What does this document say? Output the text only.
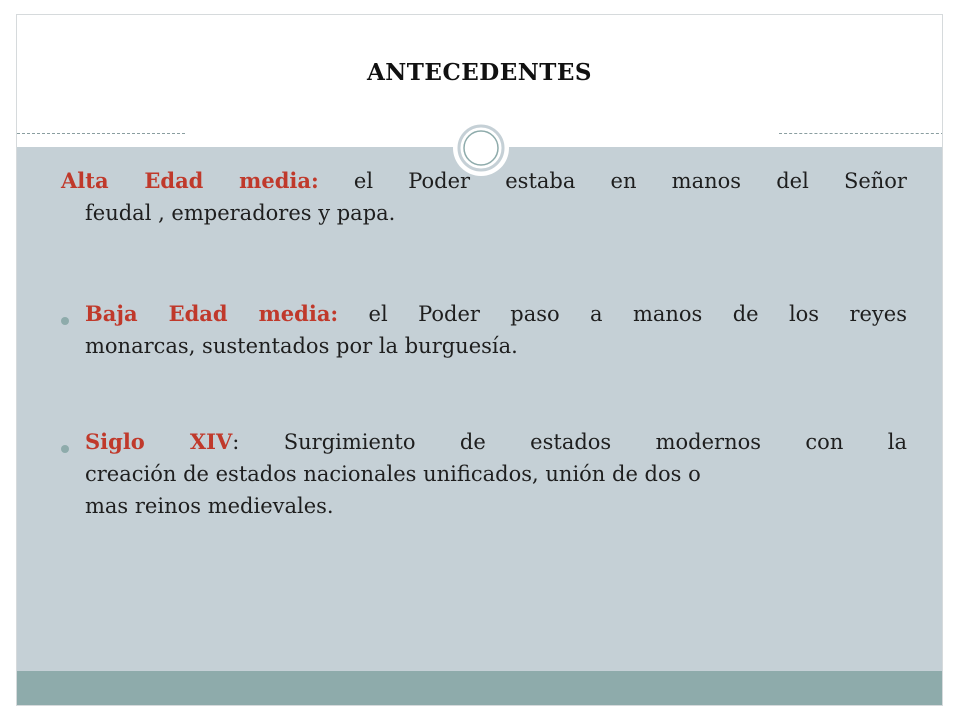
ANTECEDENTES
Alta Edad media: el Poder estaba en manos del Señor
feudal , emperadores y papa.
Baja Edad media: el Poder paso a manos de los reyes
monarcas, sustentados por la burguesía.
Siglo XIV: Surgimiento de estados modernos con la
creación de estados nacionales unificados, unión de dos o
mas reinos medievales.
